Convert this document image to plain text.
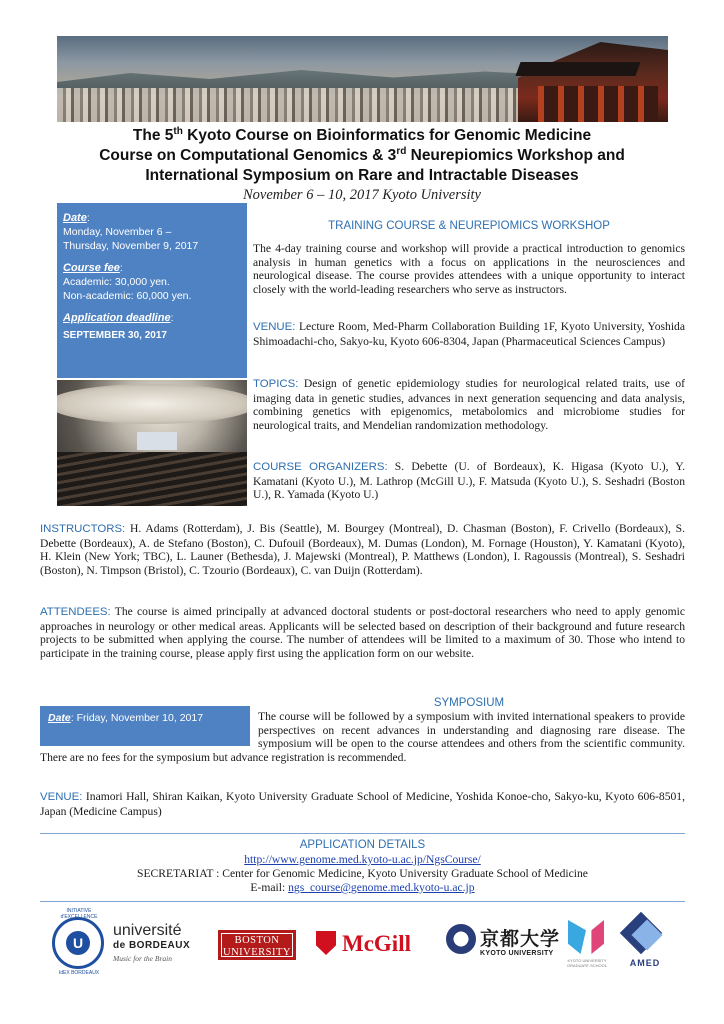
The 5th Kyoto Course on Bioinformatics for Genomic Medicine
Course on Computational Genomics & 3rd Neurepiomics Workshop and
International Symposium on Rare and Intractable Diseases
November 6 – 10, 2017 Kyoto University
Date:
Monday, November 6 –
Thursday, November 9, 2017
Course fee:
Academic: 30,000 yen.
Non-academic: 60,000 yen.
Application deadline:
SEPTEMBER 30, 2017
TRAINING COURSE & NEUREPIOMICS WORKSHOP

The 4-day training course and workshop will provide a practical introduction to genomics analysis in human genetics with a focus on applications in the neurosciences and neurological disease. The course provides attendees with a unique opportunity to interact closely with the world-leading researchers who serve as instructors.

VENUE: Lecture Room, Med-Pharm Collaboration Building 1F, Kyoto University, Yoshida Shimoadachi-cho, Sakyo-ku, Kyoto 606-8304, Japan (Pharmaceutical Sciences Campus)

TOPICS: Design of genetic epidemiology studies for neurological related traits, use of imaging data in genetic studies, advances in next generation sequencing and data analysis, combining genetics with epigenomics, metabolomics and microbiome studies for neurological traits, and Mendelian randomization methodology.

COURSE ORGANIZERS: S. Debette (U. of Bordeaux), K. Higasa (Kyoto U.), Y. Kamatani (Kyoto U.), M. Lathrop (McGill U.), F. Matsuda (Kyoto U.), S. Seshadri (Boston U.), R. Yamada (Kyoto U.)

INSTRUCTORS: H. Adams (Rotterdam), J. Bis (Seattle), M. Bourgey (Montreal), D. Chasman (Boston), F. Crivello (Bordeaux), S. Debette (Bordeaux), A. de Stefano (Boston), C. Dufouil (Bordeaux), M. Dumas (London), M. Fornage (Houston), Y. Kamatani (Kyoto), H. Klein (New York; TBC), L. Launer (Bethesda), J. Majewski (Montreal), P. Matthews (London), I. Ragoussis (Montreal), S. Seshadri (Boston), N. Timpson (Bristol), C. Tzourio (Bordeaux), C. van Duijn (Rotterdam).

ATTENDEES: The course is aimed principally at advanced doctoral students or post-doctoral researchers who need to apply genomic approaches in neurology or other medical areas. Applicants will be selected based on description of their background and future research projects to be submitted when applying the course. The number of attendees will be limited to a maximum of 30. Those who intend to participate in the training course, please apply first using the application form on our website.

SYMPOSIUM

The course will be followed by a symposium with invited international speakers to provide perspectives on recent advances in understanding and diagnosing rare disease. The symposium will be open to the course attendees and others from the scientific community. There are no fees for the symposium but advance registration is recommended.

Date: Friday, November 10, 2017

VENUE: Inamori Hall, Shiran Kaikan, Kyoto University Graduate School of Medicine, Yoshida Konoe-cho, Sakyo-ku, Kyoto 606-8501, Japan (Medicine Campus)

APPLICATION DETAILS
http://www.genome.med.kyoto-u.ac.jp/NgsCourse/
SECRETARIAT : Center for Genomic Medicine, Kyoto University Graduate School of Medicine
E-mail: ngs_course@genome.med.kyoto-u.ac.jp
INITIATIVE d'EXCELLENCE
U
IdEX BORDEAUX
université
de BORDEAUX
Music for the Brain
BOSTON
UNIVERSITY	McGill	京都大学
KYOTO UNIVERSITY
KYOTO UNIVERSITY GRADUATE SCHOOL	AMED
